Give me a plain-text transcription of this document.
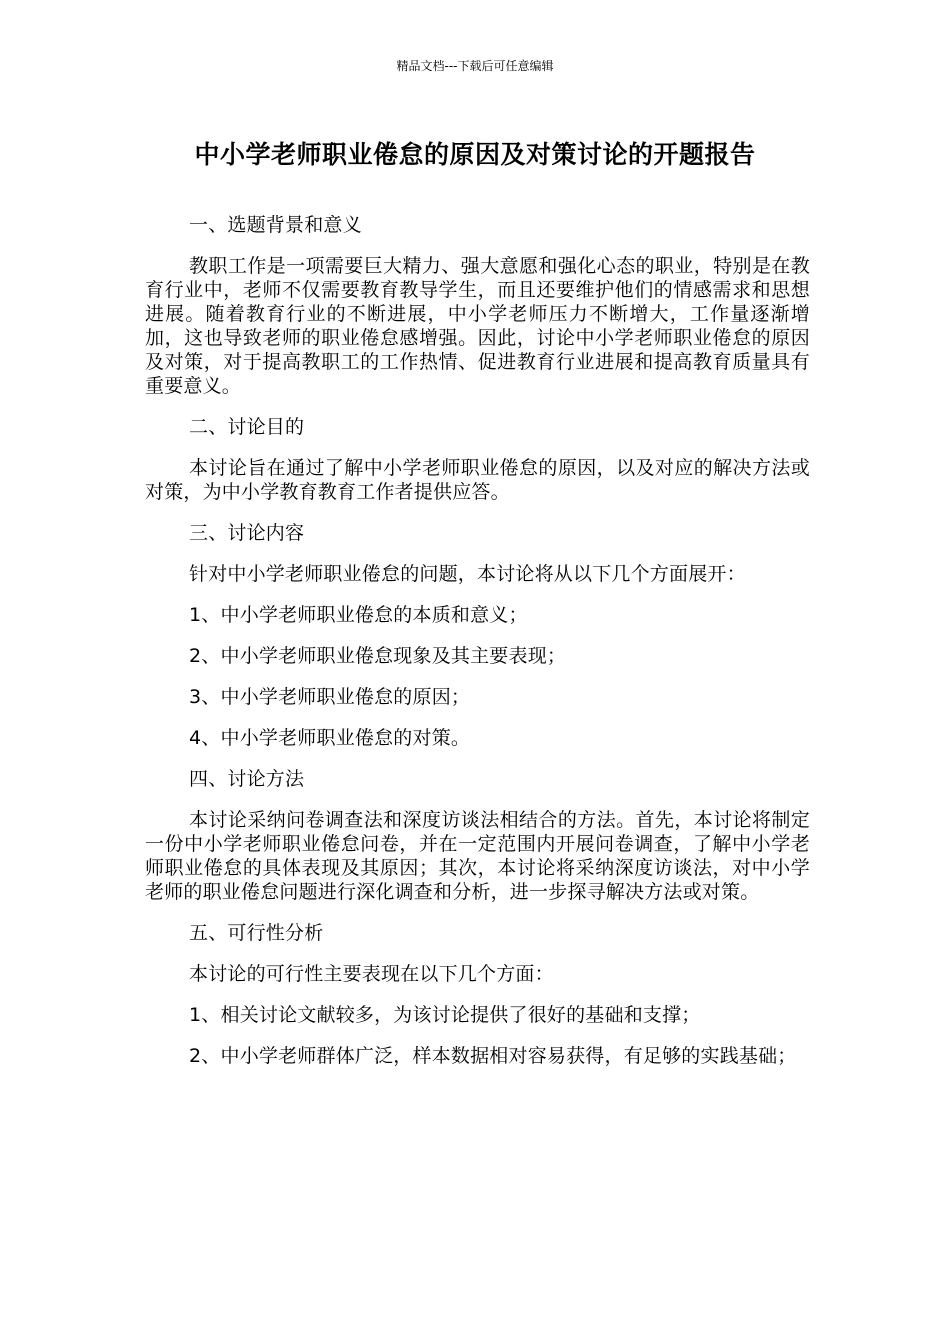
精品文档---下载后可任意编辑
中小学老师职业倦怠的原因及对策讨论的开题报告

一、选题背景和意义

教职工作是一项需要巨大精力、强大意愿和强化心态的职业，特别是在教育行业中，老师不仅需要教育教导学生，而且还要维护他们的情感需求和思想进展。随着教育行业的不断进展，中小学老师压力不断增大，工作量逐渐增加，这也导致老师的职业倦怠感增强。因此，讨论中小学老师职业倦怠的原因及对策，对于提高教职工的工作热情、促进教育行业进展和提高教育质量具有重要意义。

二、讨论目的

本讨论旨在通过了解中小学老师职业倦怠的原因，以及对应的解决方法或对策，为中小学教育教育工作者提供应答。

三、讨论内容

针对中小学老师职业倦怠的问题，本讨论将从以下几个方面展开：

1、中小学老师职业倦怠的本质和意义；

2、中小学老师职业倦怠现象及其主要表现；

3、中小学老师职业倦怠的原因；

4、中小学老师职业倦怠的对策。

四、讨论方法

本讨论采纳问卷调查法和深度访谈法相结合的方法。首先，本讨论将制定一份中小学老师职业倦怠问卷，并在一定范围内开展问卷调查，了解中小学老师职业倦怠的具体表现及其原因；其次，本讨论将采纳深度访谈法，对中小学老师的职业倦怠问题进行深化调查和分析，进一步探寻解决方法或对策。

五、可行性分析

本讨论的可行性主要表现在以下几个方面：

1、相关讨论文献较多，为该讨论提供了很好的基础和支撑；

2、中小学老师群体广泛，样本数据相对容易获得，有足够的实践基础；
